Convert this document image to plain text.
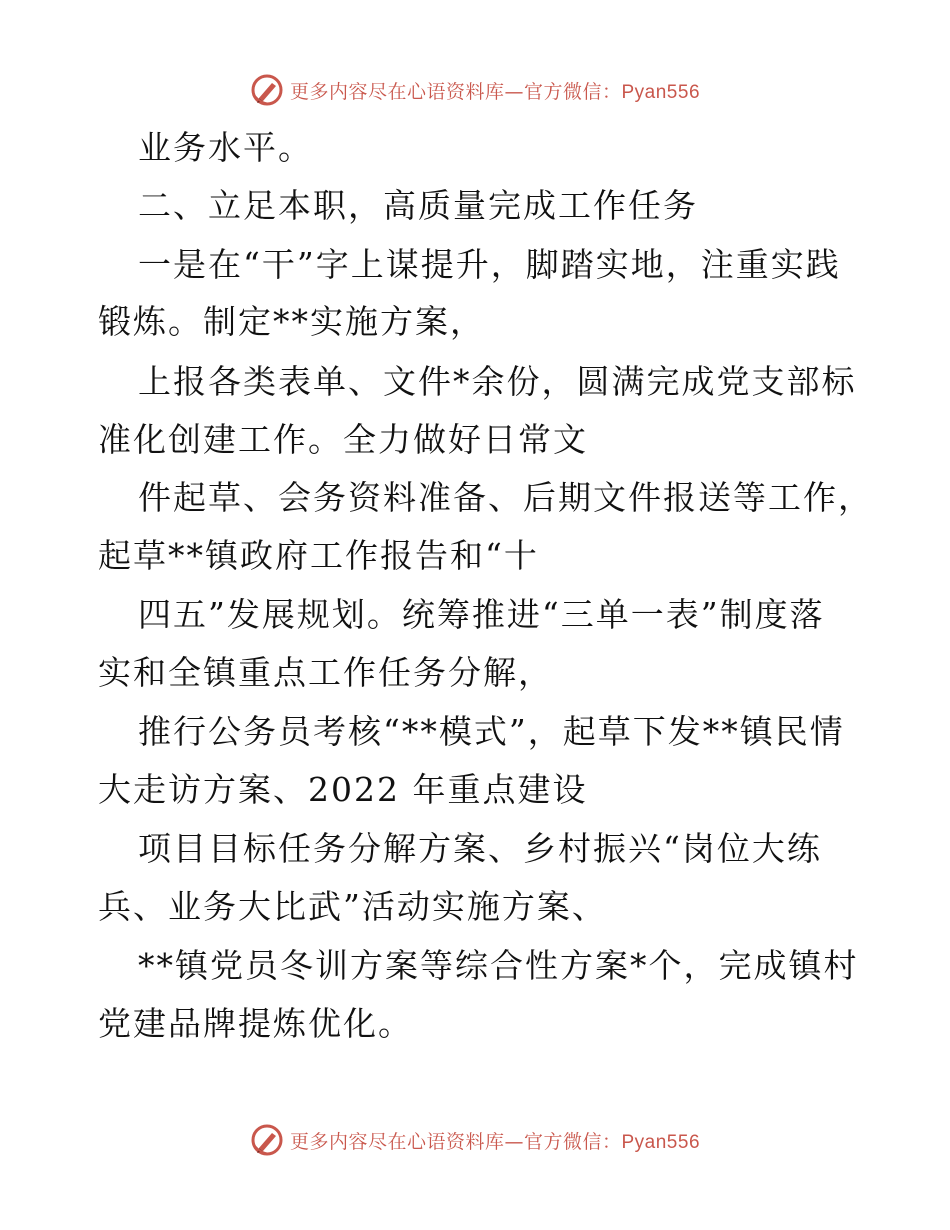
更多内容尽在心语资料库—官方微信：Pyan556
业务水平。
二、立足本职，高质量完成工作任务
一是在“干”字上谋提升，脚踏实地，注重实践
锻炼。制定**实施方案，
上报各类表单、文件*余份，圆满完成党支部标
准化创建工作。全力做好日常文
件起草、会务资料准备、后期文件报送等工作，
起草**镇政府工作报告和“十
四五”发展规划。统筹推进“三单一表”制度落
实和全镇重点工作任务分解，
推行公务员考核“**模式”，起草下发**镇民情
大走访方案、2022 年重点建设
项目目标任务分解方案、乡村振兴“岗位大练
兵、业务大比武”活动实施方案、
**镇党员冬训方案等综合性方案*个，完成镇村
党建品牌提炼优化。
更多内容尽在心语资料库—官方微信：Pyan556
